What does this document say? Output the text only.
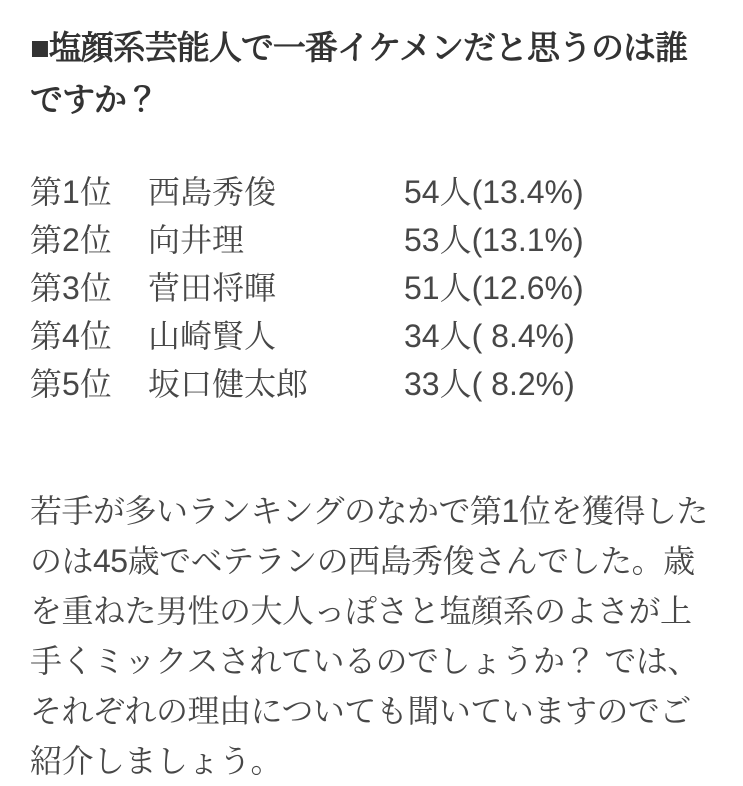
■塩顔系芸能人で一番イケメンだと思うのは誰ですか？
第1位	西島秀俊	54人(13.4%)
第2位	向井理	53人(13.1%)
第3位	菅田将暉	51人(12.6%)
第4位	山崎賢人	34人( 8.4%)
第5位	坂口健太郎	33人( 8.2%)

若手が多いランキングのなかで第1位を獲得したのは45歳でベテランの西島秀俊さんでした。歳を重ねた男性の大人っぽさと塩顔系のよさが上手くミックスされているのでしょうか？ では、それぞれの理由についても聞いていますのでご紹介しましょう。
